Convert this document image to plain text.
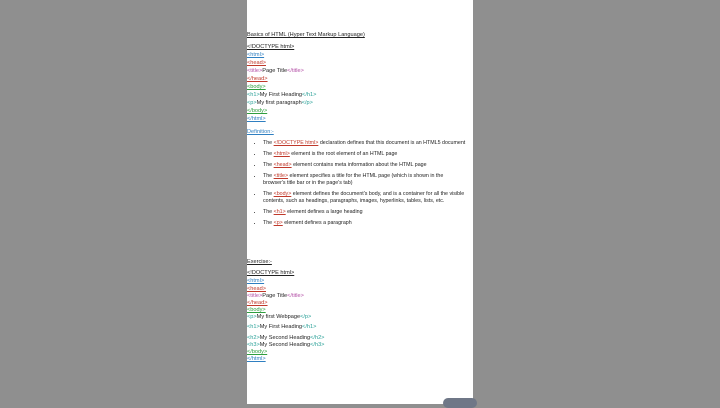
Basics of HTML (Hyper Text Markup Language)
<!DOCTYPE html>
<html>
<head>
<title>Page Title</title>
</head>
<body>
<h1>My First Heading</h1>
<p>My first paragraph</p>
</body>
</html>
Definition:-
• The <!DOCTYPE html> declaration defines that this document is an HTML5 document
• The <html> element is the root element of an HTML page
• The <head> element contains meta information about the HTML page
• The <title> element specifies a title for the HTML page (which is shown in the browser's title bar or in the page's tab)
• The <body> element defines the document's body, and is a container for all the visible contents, such as headings, paragraphs, images, hyperlinks, tables, lists, etc.
• The <h1> element defines a large heading
• The <p> element defines a paragraph
Exercise:-
<!DOCTYPE html>
<html>
<head>
<title>Page Title</title>
</head>
<body>
<p>My first Webpage</p>
<h1>My First Heading</h1>
<h2>My Second Heading</h2>
<h3>My Second Heading</h3>
</body>
</html>
